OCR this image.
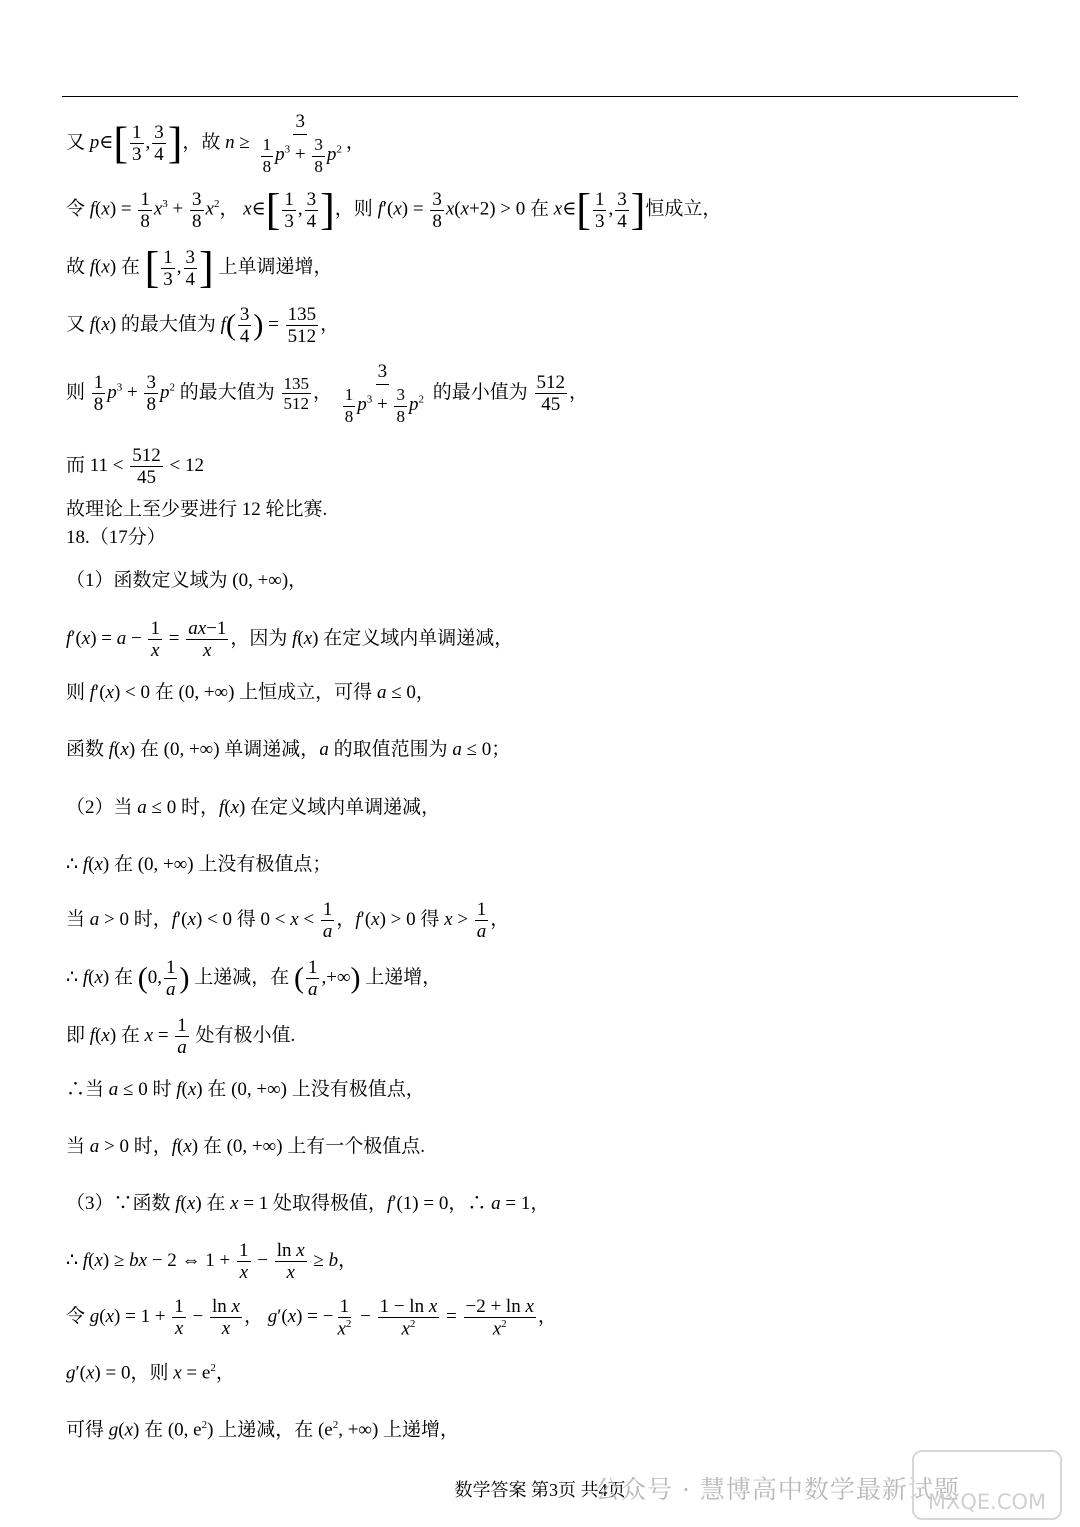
又 p∈[ $\frac{1}{3}$ , $\frac{3}{4}$ ]，故 $n \ge \frac{3}{\frac{1}{8} p^3 + \frac{3}{8} p^2}$ ，
令 $f(x) = \frac{1}{8} x^3 + \frac{3}{8} x^2$， x∈[ $\frac{1}{3}$ , $\frac{3}{4}$ ]，则 $f'(x) = \frac{3}{8} x(x+2) > 0$ 在 x∈[ $\frac{1}{3}$ , $\frac{3}{4}$ ]恒成立，
故 f(x) 在 [ $\frac{1}{3}$ , $\frac{3}{4}$ ] 上单调递增，
又 f(x) 的最大值为 $f( \frac{3}{4}$ ) = $\frac{135}{512}$ ，
则 $\frac{1}{8} p^3 + \frac{3}{8} p^2$ 的最大值为 $\frac{135}{512}$ ， $\frac{3}{\frac{1}{8} p^3 + \frac{3}{8} p^2}$ 的最小值为 $\frac{512}{45}$ ，
而 $11 < \frac{512}{45} < 12$
故理论上至少要进行 12 轮比赛.
18.（17分）
（1）函数定义域为 (0, +∞)，
$f'(x) = a - \frac{1}{x} = \frac{ax-1}{x}$ ，因为 f(x) 在定义域内单调递减，
则 f′(x) < 0 在 (0, +∞) 上恒成立，可得 a ≤ 0，
函数 f(x) 在 (0, +∞) 单调递减，a 的取值范围为 a ≤ 0；
（2）当 a ≤ 0 时，f(x) 在定义域内单调递减，
∴ f(x) 在 (0, +∞) 上没有极值点；
当 a > 0 时，f′(x) < 0 得 $0 < x < \frac{1}{a}$ ，f′(x) > 0 得 $x > \frac{1}{a}$ ，
∴ f(x) 在 (0, $\frac{1}{a}$ ) 上递减，在 ( $\frac{1}{a}$ ,+∞) 上递增，
即 f(x) 在 $x = \frac{1}{a}$ 处有极小值.
∴当 a ≤ 0 时 f(x) 在 (0, +∞) 上没有极值点，
当 a > 0 时，f(x) 在 (0, +∞) 上有一个极值点.
（3）∵函数 f(x) 在 x = 1 处取得极值，f′(1) = 0，∴ a = 1，
∴ f(x) ≥ bx − 2 ⇔ $1 + \frac{1}{x} - \frac{\text{ln x}}{x} \ge b$，
令 $g(x) = 1 + \frac{1}{x} - \frac{\text{ln x}}{x}$ ， g′(x) = − $\frac{1}{x^2} - \frac{\text{1 − ln x}}{x^2} = \frac{\text{−2 + ln x}}{x^2}$ ，
g′(x) = 0，则 $x = e^2$，
可得 g(x) 在 (0, $e^2$) 上递减，在 ($e^2$, +∞) 上递增，
数学答案 第3页 共4页
公众号 · 慧博高中数学最新试题
MXQE.COM
